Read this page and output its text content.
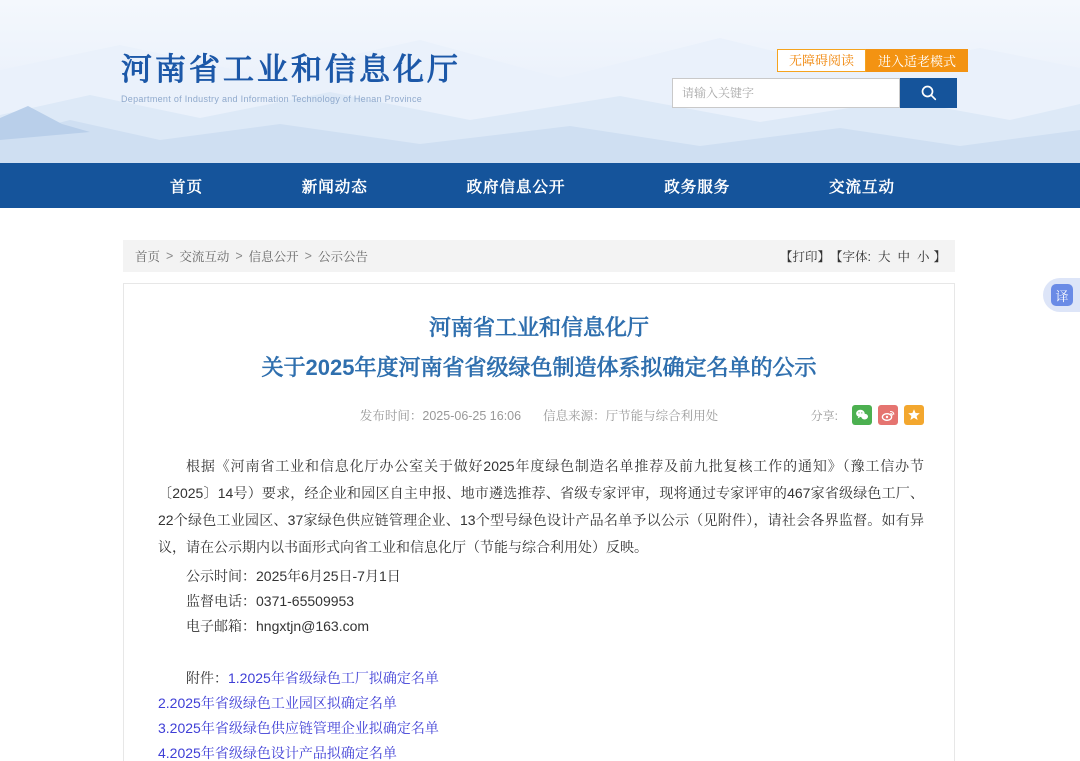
河南省工业和信息化厅
Department of Industry and Information Technology of Henan Province
无障碍阅读	进入适老模式
请输入关键字
首页	新闻动态	政府信息公开	政务服务	交流互动
首页 > 交流互动 > 信息公开 > 公示公告	【打印】 【字体: 大 中 小 】
河南省工业和信息化厅
关于2025年度河南省省级绿色制造体系拟确定名单的公示
发布时间：2025-06-25 16:06 信息来源：厅节能与综合利用处	分享:

根据《河南省工业和信息化厅办公室关于做好2025年度绿色制造名单推荐及前九批复核工作的通知》（豫工信办节〔2025〕14号）要求，经企业和园区自主申报、地市遴选推荐、省级专家评审，现将通过专家评审的467家省级绿色工厂、22个绿色工业园区、37家绿色供应链管理企业、13个型号绿色设计产品名单予以公示（见附件），请社会各界监督。如有异议，请在公示期内以书面形式向省工业和信息化厅（节能与综合利用处）反映。

公示时间：2025年6月25日-7月1日
监督电话：0371-65509953
电子邮箱：hngxtjn@163.com
附件：1.2025年省级绿色工厂拟确定名单
2.2025年省级绿色工业园区拟确定名单
3.2025年省级绿色供应链管理企业拟确定名单
4.2025年省级绿色设计产品拟确定名单
译
